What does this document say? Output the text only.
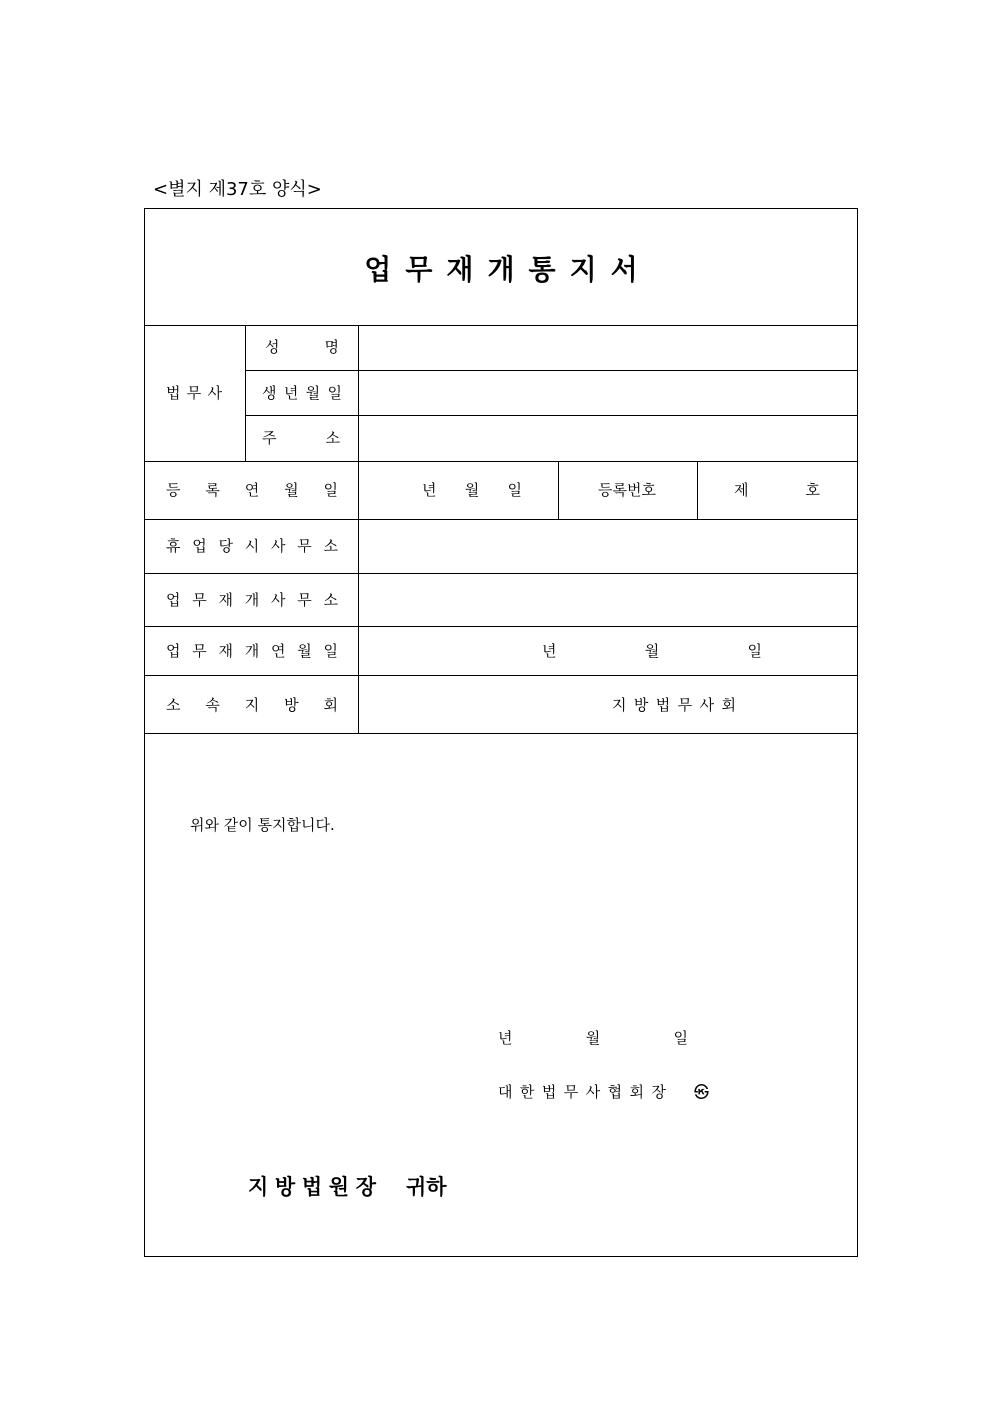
<별지 제37호 양식>
업 무 재 개 통 지 서
법 무 사
성	명
생 년 월 일
주	소
등 록 연 월 일	년 월 일	등록번호	제	호
휴 업 당 시 사 무 소
업 무 재 개 사 무 소
업 무 재 개 연 월 일	년	월	일
소 속 지 방 회	지 방 법 무 사 회
위와 같이 통지합니다.
년	월	일
대 한 법 무 사 협 회 장 ㉿
지 방 법 원 장 귀하
